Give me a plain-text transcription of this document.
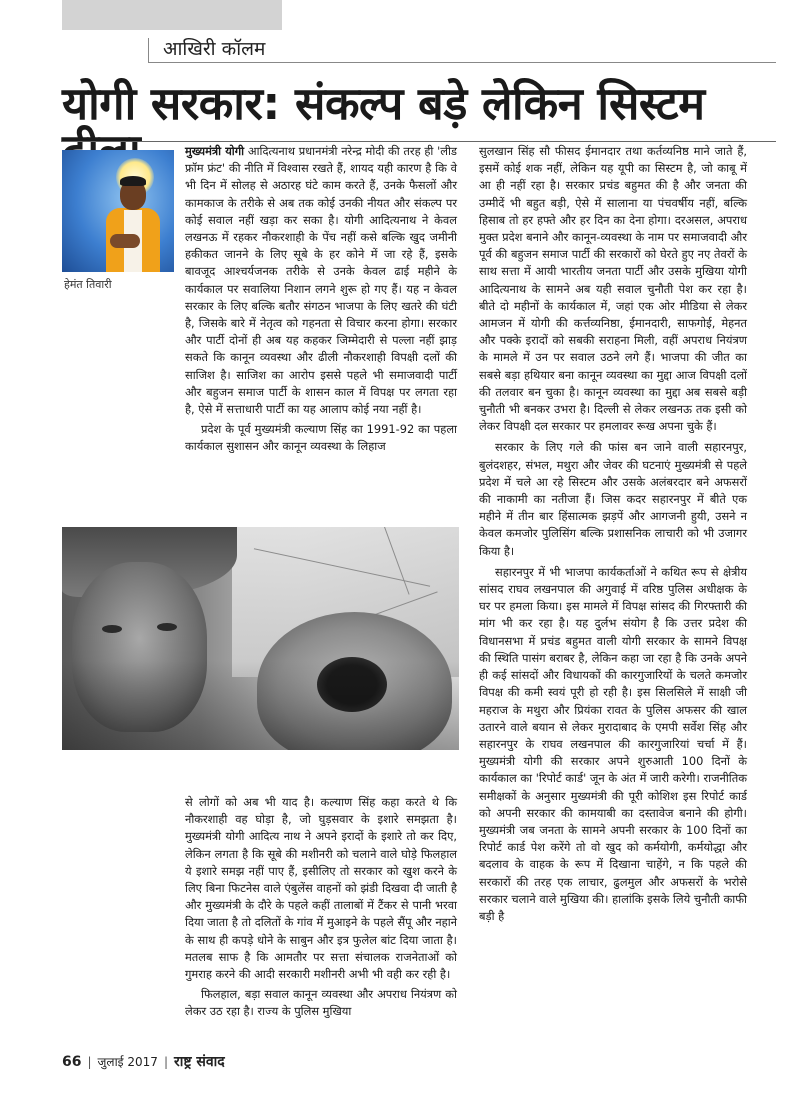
आखिरी कॉलम
योगी सरकार: संकल्प बड़े लेकिन सिस्टम
हेमंत तिवारी

मुख्यमंत्री योगी आदित्यनाथ प्रधानमंत्री नरेन्द्र मोदी की तरह ही 'लीड फ्रॉम फ्रंट' की नीति में विश्वास रखते हैं, शायद यही कारण है कि वे भी दिन में सोलह से अठारह घंटे काम करते हैं, उनके फैसलों और कामकाज के तरीके से अब तक कोई उनकी नीयत और संकल्प पर कोई सवाल नहीं खड़ा कर सका है। योगी आदित्यनाथ ने केवल लखनऊ में रहकर नौकरशाही के पेंच नहीं कसे बल्कि खुद जमीनी हकीकत जानने के लिए सूबे के हर कोने में जा रहे हैं, इसके बावजूद आश्चर्यजनक तरीके से उनके केवल ढाई महीने के कार्यकाल पर सवालिया निशान लगने शुरू हो गए हैं। यह न केवल सरकार के लिए बल्कि बतौर संगठन भाजपा के लिए खतरे की घंटी है, जिसके बारे में नेतृत्व को गहनता से विचार करना होगा। सरकार और पार्टी दोनों ही अब यह कहकर जिम्मेदारी से पल्ला नहीं झाड़ सकते कि कानून व्यवस्था और ढीली नौकरशाही विपक्षी दलों की साजिश है। साजिश का आरोप इससे पहले भी समाजवादी पार्टी और बहुजन समाज पार्टी के शासन काल में विपक्ष पर लगता रहा है, ऐसे में सत्ताधारी पार्टी का यह आलाप कोई नया नहीं है।

प्रदेश के पूर्व मुख्यमंत्री कल्याण सिंह का 1991-92 का पहला कार्यकाल सुशासन और कानून व्यवस्था के लिहाज

से लोगों को अब भी याद है। कल्याण सिंह कहा करते थे कि नौकरशाही वह घोड़ा है, जो घुड़सवार के इशारे समझता है। मुख्यमंत्री योगी आदित्य नाथ ने अपने इरादों के इशारे तो कर दिए, लेकिन लगता है कि सूबे की मशीनरी को चलाने वाले घोड़े फिलहाल ये इशारे समझ नहीं पाए हैं, इसीलिए तो सरकार को खुश करने के लिए बिना फिटनेस वाले एंबुलेंस वाहनों को झंडी दिखवा दी जाती है और मुख्यमंत्री के दौरे के पहले कहीं तालाबों में टैंकर से पानी भरवा दिया जाता है तो दलितों के गांव में मुआइने के पहले सैंपू और नहाने के साथ ही कपड़े धोने के साबुन और इत्र फुलेल बांट दिया जाता है। मतलब साफ है कि आमतौर पर सत्ता संचालक राजनेताओं को गुमराह करने की आदी सरकारी मशीनरी अभी भी वही कर रही है।

फिलहाल, बड़ा सवाल कानून व्यवस्था और अपराध नियंत्रण को लेकर उठ रहा है। राज्य के पुलिस मुखिया

सुलखान सिंह सौ फीसद ईमानदार तथा कर्तव्यनिष्ठ माने जाते हैं, इसमें कोई शक नहीं, लेकिन यह यूपी का सिस्टम है, जो काबू में आ ही नहीं रहा है। सरकार प्रचंड बहुमत की है और जनता की उम्मीदें भी बहुत बड़ी, ऐसे में सालाना या पंचवर्षीय नहीं, बल्कि हिसाब तो हर हफ्ते और हर दिन का देना होगा। दरअसल, अपराध मुक्त प्रदेश बनाने और कानून-व्यवस्था के नाम पर समाजवादी और पूर्व की बहुजन समाज पार्टी की सरकारों को घेरते हुए नए तेवरों के साथ सत्ता में आयी भारतीय जनता पार्टी और उसके मुखिया योगी आदित्यनाथ के सामने अब यही सवाल चुनौती पेश कर रहा है। बीते दो महीनों के कार्यकाल में, जहां एक ओर मीडिया से लेकर आमजन में योगी की कर्त्तव्यनिष्ठा, ईमानदारी, साफगोई, मेहनत और पक्के इरादों को सबकी सराहना मिली, वहीं अपराध नियंत्रण के मामले में उन पर सवाल उठने लगे हैं। भाजपा की जीत का सबसे बड़ा हथियार बना कानून व्यवस्था का मुद्दा आज विपक्षी दलों की तलवार बन चुका है। कानून व्यवस्था का मुद्दा अब सबसे बड़ी चुनौती भी बनकर उभरा है। दिल्ली से लेकर लखनऊ तक इसी को लेकर विपक्षी दल सरकार पर हमलावर रूख अपना चुके हैं।

सरकार के लिए गले की फांस बन जाने वाली सहारनपुर, बुलंदशहर, संभल, मथुरा और जेवर की घटनाएं मुख्यमंत्री से पहले प्रदेश में चले आ रहे सिस्टम और उसके अलंबरदार बने अफसरों की नाकामी का नतीजा हैं। जिस कदर सहारनपुर में बीते एक महीने में तीन बार हिंसात्मक झड़पें और आगजनी हुयी, उसने न केवल कमजोर पुलिसिंग बल्कि प्रशासनिक लाचारी को भी उजागर किया है।

सहारनपुर में भी भाजपा कार्यकर्ताओं ने कथित रूप से क्षेत्रीय सांसद राघव लखनपाल की अगुवाई में वरिष्ठ पुलिस अधीक्षक के घर पर हमला किया। इस मामले में विपक्ष सांसद की गिरफ्तारी की मांग भी कर रहा है। यह दुर्लभ संयोग है कि उत्तर प्रदेश की विधानसभा में प्रचंड बहुमत वाली योगी सरकार के सामने विपक्ष की स्थिति पासंग बराबर है, लेकिन कहा जा रहा है कि उनके अपने ही कई सांसदों और विधायकों की कारगुजारियों के चलते कमजोर विपक्ष की कमी स्वयं पूरी हो रही है। इस सिलसिले में साक्षी जी महराज के मथुरा और प्रियंका रावत के पुलिस अफसर की खाल उतारने वाले बयान से लेकर मुरादाबाद के एमपी सर्वेश सिंह और सहारनपुर के राघव लखनपाल की कारगुजारियां चर्चा में हैं। मुख्यमंत्री योगी की सरकार अपने शुरुआती 100 दिनों के कार्यकाल का 'रिपोर्ट कार्ड' जून के अंत में जारी करेगी। राजनीतिक समीक्षकों के अनुसार मुख्यमंत्री की पूरी कोशिश इस रिपोर्ट कार्ड को अपनी सरकार की कामयाबी का दस्तावेज बनाने की होगी। मुख्यमंत्री जब जनता के सामने अपनी सरकार के 100 दिनों का रिपोर्ट कार्ड पेश करेंगे तो वो खुद को कर्मयोगी, कर्मयोद्धा और बदलाव के वाहक के रूप में दिखाना चाहेंगे, न कि पहले की सरकारों की तरह एक लाचार, ढुलमुल और अफसरों के भरोसे सरकार चलाने वाले मुखिया की। हालांकि इसके लिये चुनौती काफी बड़ी है

66 | जुलाई 2017 | राष्ट्र संवाद
